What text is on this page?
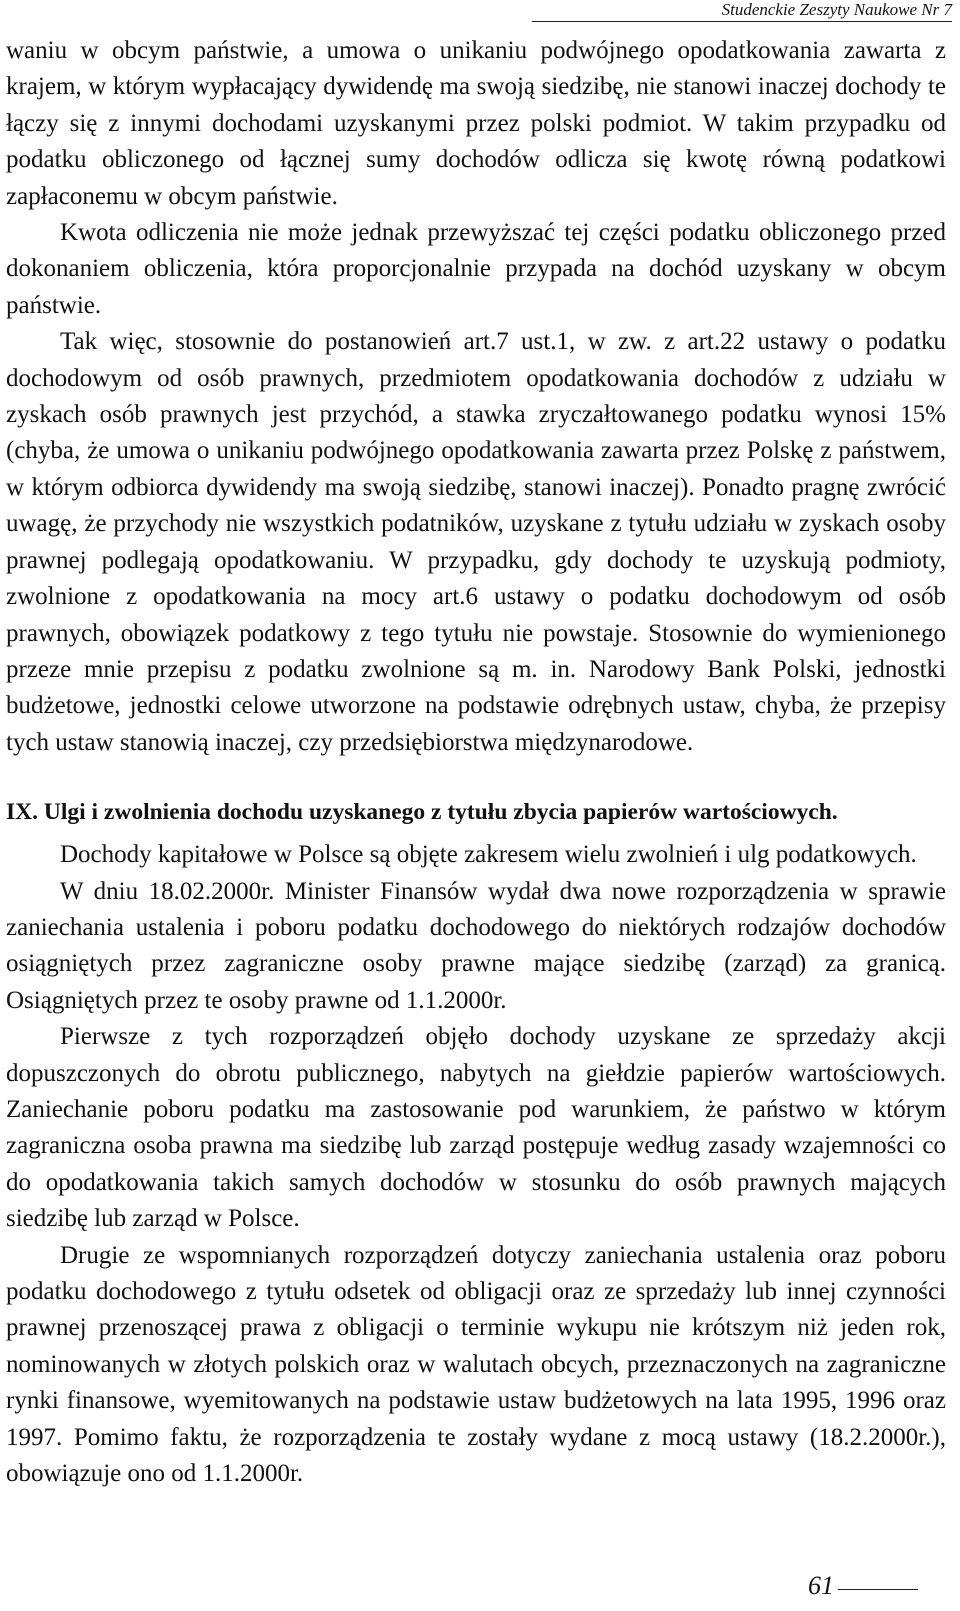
Studenckie Zeszyty Naukowe Nr 7

waniu w obcym państwie, a umowa o unikaniu podwójnego opodatkowania zawarta z krajem, w którym wypłacający dywidendę ma swoją siedzibę, nie stanowi inaczej dochody te łączy się z innymi dochodami uzyskanymi przez polski podmiot. W takim przypadku od podatku obliczonego od łącznej sumy dochodów odlicza się kwotę równą podatkowi zapłaconemu w obcym państwie.

Kwota odliczenia nie może jednak przewyższać tej części podatku obliczonego przed dokonaniem obliczenia, która proporcjonalnie przypada na dochód uzyskany w obcym państwie.

Tak więc, stosownie do postanowień art.7 ust.1, w zw. z art.22 ustawy o podatku dochodowym od osób prawnych, przedmiotem opodatkowania dochodów z udziału w zyskach osób prawnych jest przychód, a stawka zryczałtowanego podatku wynosi 15% (chyba, że umowa o unikaniu podwójnego opodatkowania zawarta przez Polskę z państwem, w którym odbiorca dywidendy ma swoją siedzibę, stanowi inaczej). Ponadto pragnę zwrócić uwagę, że przychody nie wszystkich podatników, uzyskane z tytułu udziału w zyskach osoby prawnej podlegają opodatkowaniu. W przypadku, gdy dochody te uzyskują podmioty, zwolnione z opodatkowania na mocy art.6 ustawy o podatku dochodowym od osób prawnych, obowiązek podatkowy z tego tytułu nie powstaje. Stosownie do wymienionego przeze mnie przepisu z podatku zwolnione są m. in. Narodowy Bank Polski, jednostki budżetowe, jednostki celowe utworzone na podstawie odrębnych ustaw, chyba, że przepisy tych ustaw stanowią inaczej, czy przedsiębiorstwa międzynarodowe.

IX. Ulgi i zwolnienia dochodu uzyskanego z tytułu zbycia papierów wartościowych.

Dochody kapitałowe w Polsce są objęte zakresem wielu zwolnień i ulg podatkowych.

W dniu 18.02.2000r. Minister Finansów wydał dwa nowe rozporządzenia w sprawie zaniechania ustalenia i poboru podatku dochodowego do niektórych rodzajów dochodów osiągniętych przez zagraniczne osoby prawne mające siedzibę (zarząd) za granicą. Osiągniętych przez te osoby prawne od 1.1.2000r.

Pierwsze z tych rozporządzeń objęło dochody uzyskane ze sprzedaży akcji dopuszczonych do obrotu publicznego, nabytych na giełdzie papierów wartościowych. Zaniechanie poboru podatku ma zastosowanie pod warunkiem, że państwo w którym zagraniczna osoba prawna ma siedzibę lub zarząd postępuje według zasady wzajemności co do opodatkowania takich samych dochodów w stosunku do osób prawnych mających siedzibę lub zarząd w Polsce.

Drugie ze wspomnianych rozporządzeń dotyczy zaniechania ustalenia oraz poboru podatku dochodowego z tytułu odsetek od obligacji oraz ze sprzedaży lub innej czynności prawnej przenoszącej prawa z obligacji o terminie wykupu nie krótszym niż jeden rok, nominowanych w złotych polskich oraz w walutach obcych, przeznaczonych na zagraniczne rynki finansowe, wyemitowanych na podstawie ustaw budżetowych na lata 1995, 1996 oraz 1997. Pomimo faktu, że rozporządzenia te zostały wydane z mocą ustawy (18.2.2000r.), obowiązuje ono od 1.1.2000r.

61
